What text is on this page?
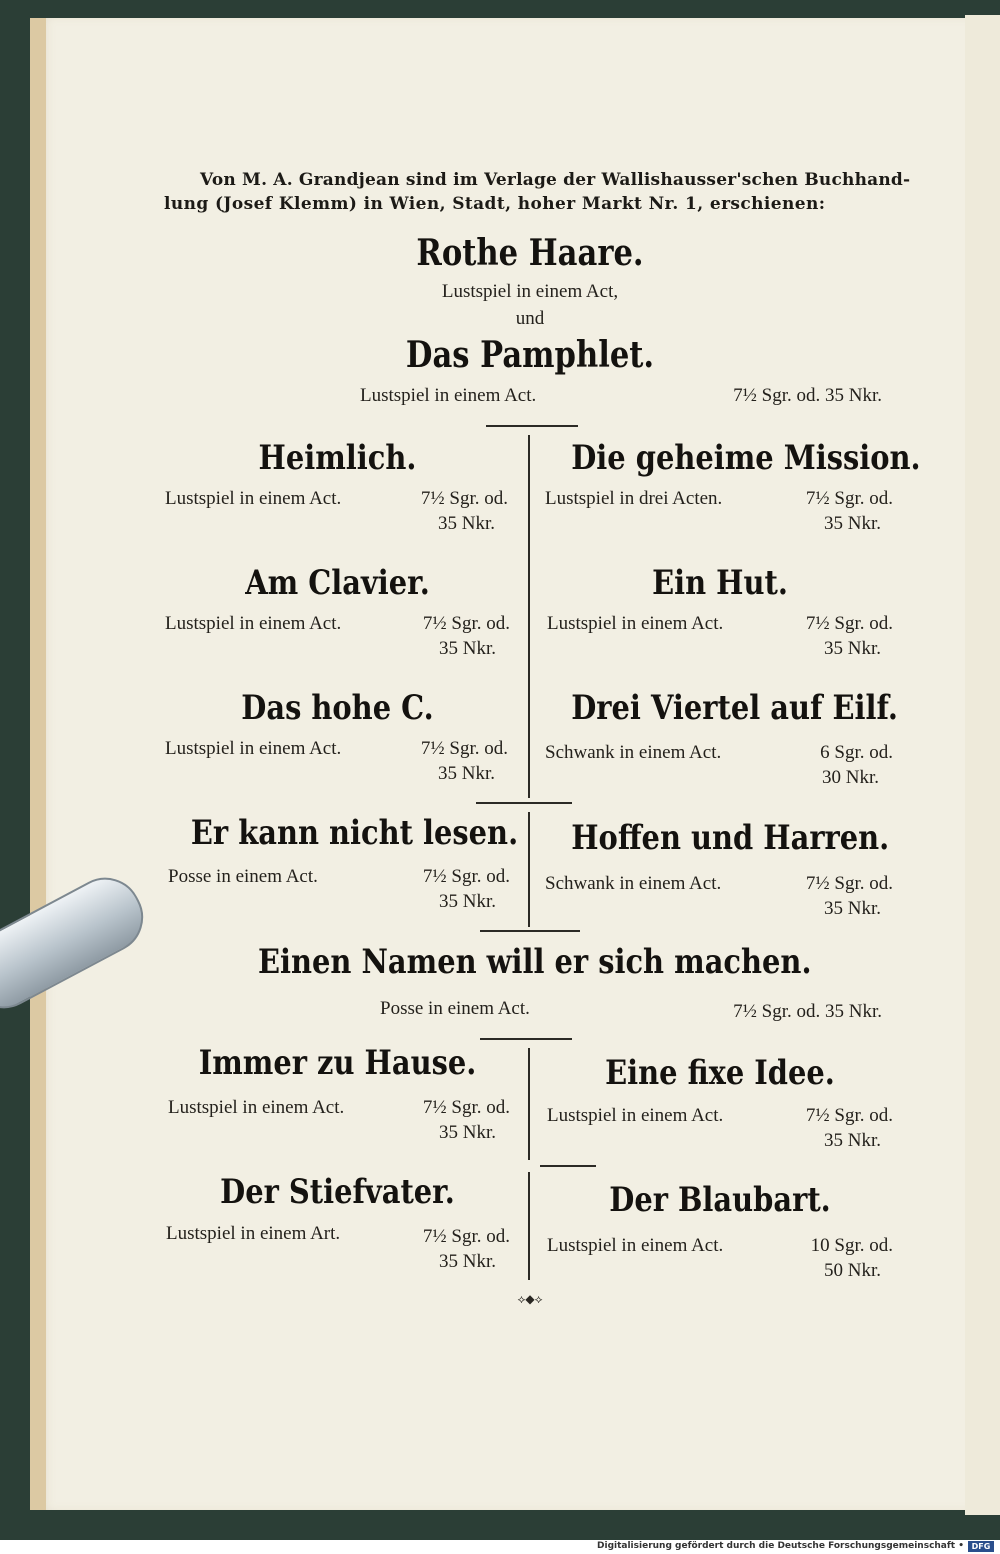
Von M. A. Grandjean sind im Verlage der Wallishausser'schen Buchhand-
lung (Josef Klemm) in Wien, Stadt, hoher Markt Nr. 1, erschienen:
Rothe Haare.
Lustspiel in einem Act,
und
Das Pamphlet.
Lustspiel in einem Act.	7½ Sgr. od. 35 Nkr.
Heimlich.
Lustspiel in einem Act.	7½ Sgr. od.
35 Nkr.
Die geheime Mission.
Lustspiel in drei Acten.	7½ Sgr. od.
35 Nkr.
Am Clavier.
Lustspiel in einem Act.	7½ Sgr. od.
35 Nkr.
Ein Hut.
Lustspiel in einem Act.	7½ Sgr. od.
35 Nkr.
Das hohe C.
Lustspiel in einem Act.	7½ Sgr. od.
35 Nkr.
Drei Viertel auf Eilf.
Schwank in einem Act.	6 Sgr. od.
30 Nkr.
Er kann nicht lesen.
Posse in einem Act.	7½ Sgr. od.
35 Nkr.
Hoffen und Harren.
Schwank in einem Act.	7½ Sgr. od.
35 Nkr.
Einen Namen will er sich machen.
Posse in einem Act.	7½ Sgr. od. 35 Nkr.
Immer zu Hause.
Lustspiel in einem Act.	7½ Sgr. od.
35 Nkr.
Eine fixe Idee.
Lustspiel in einem Act.	7½ Sgr. od.
35 Nkr.
Der Stiefvater.
Lustspiel in einem Art.	7½ Sgr. od.
35 Nkr.
Der Blaubart.
Lustspiel in einem Act.	10 Sgr. od.
50 Nkr.
⟡◆⟡
Digitalisierung gefördert durch die Deutsche Forschungsgemeinschaft • DFG
